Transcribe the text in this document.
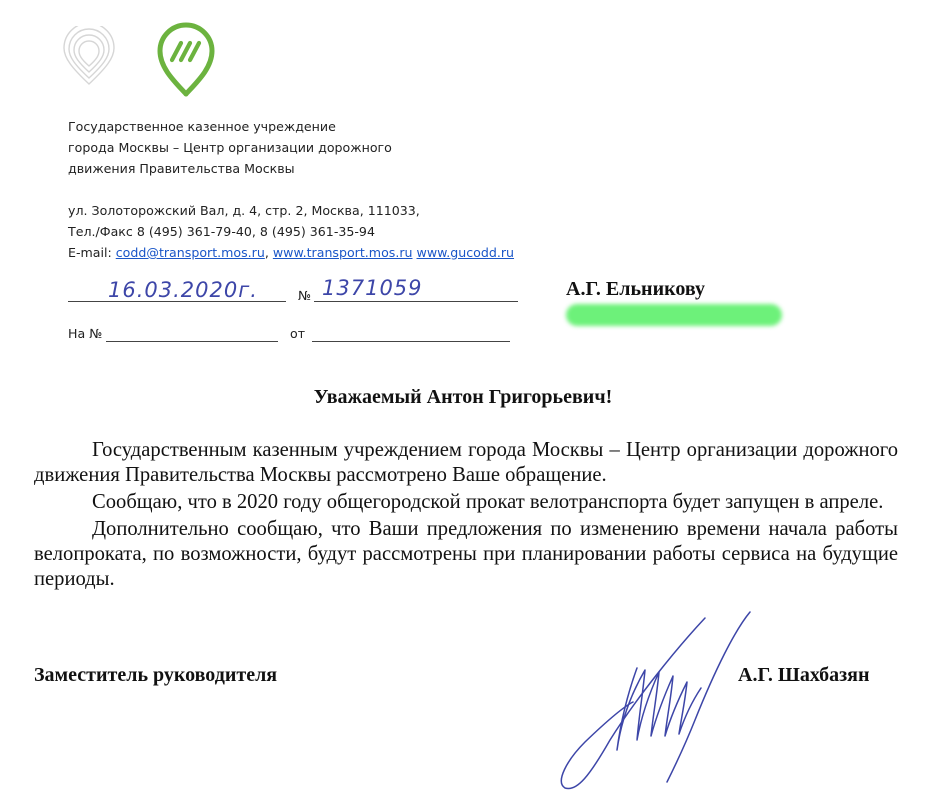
Государственное казенное учреждение
города Москвы – Центр организации дорожного
движения Правительства Москвы
ул. Золоторожский Вал, д. 4, стр. 2, Москва, 111033,
Тел./Факс 8 (495) 361-79-40, 8 (495) 361-35-94
E-mail: codd@transport.mos.ru, www.transport.mos.ru www.gucodd.ru
16.03.2020г.	№ 1371059
На №	от
А.Г. Ельникову
Уважаемый Антон Григорьевич!

Государственным казенным учреждением города Москвы – Центр организации дорожного движения Правительства Москвы рассмотрено Ваше обращение.

Сообщаю, что в 2020 году общегородской прокат велотранспорта будет запущен в апреле.

Дополнительно сообщаю, что Ваши предложения по изменению времени начала работы велопроката, по возможности, будут рассмотрены при планировании работы сервиса на будущие периоды.

Заместитель руководителя	А.Г. Шахбазян
